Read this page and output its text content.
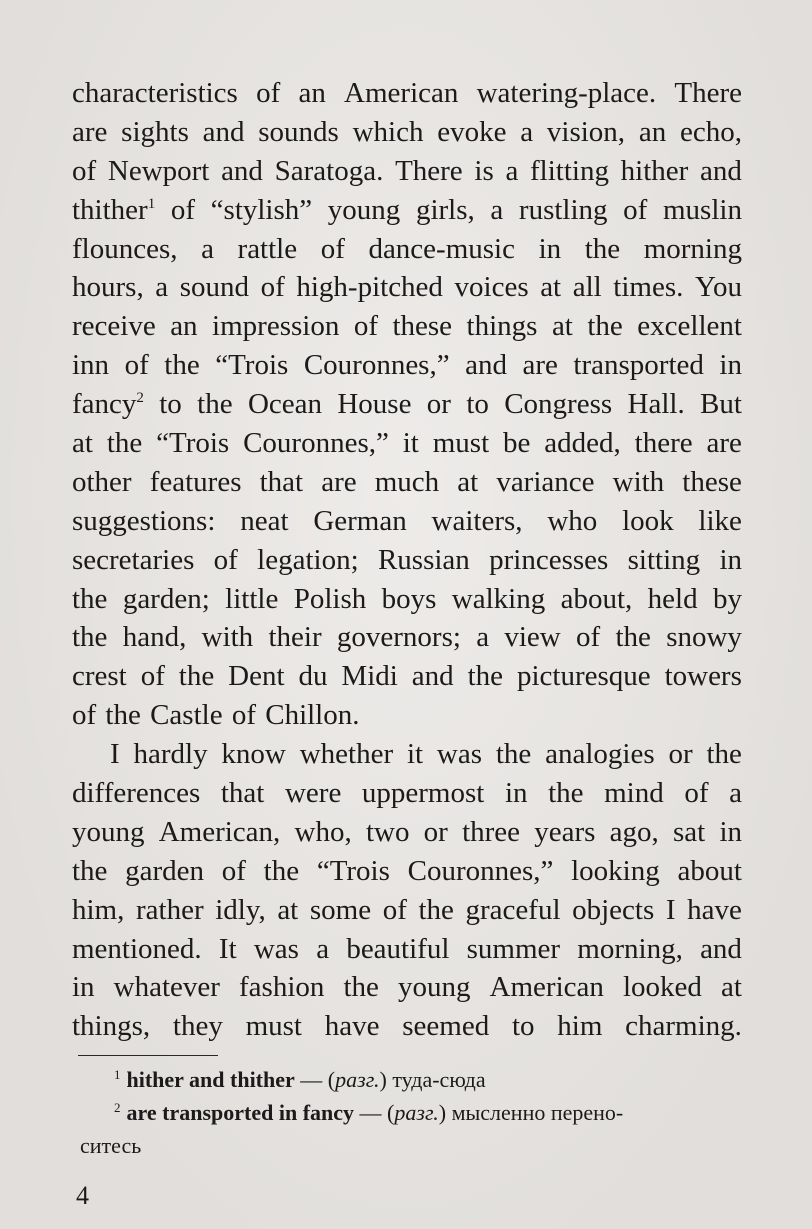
characteristics of an American watering-place. There
are sights and sounds which evoke a vision, an echo,
of Newport and Saratoga. There is a flitting hither and
thither$^1$ of “stylish” young girls, a rustling of muslin
flounces, a rattle of dance-music in the morning
hours, a sound of high-pitched voices at all times. You
receive an impression of these things at the excellent
inn of the “Trois Couronnes,” and are transported in
fancy$^2$ to the Ocean House or to Congress Hall. But
at the “Trois Couronnes,” it must be added, there are
other features that are much at variance with these
suggestions: neat German waiters, who look like
secretaries of legation; Russian princesses sitting in
the garden; little Polish boys walking about, held by
the hand, with their governors; a view of the snowy
crest of the Dent du Midi and the picturesque towers
of the Castle of Chillon.
I hardly know whether it was the analogies or the
differences that were uppermost in the mind of a
young American, who, two or three years ago, sat in
the garden of the “Trois Couronnes,” looking about
him, rather idly, at some of the graceful objects I have
mentioned. It was a beautiful summer morning, and
in whatever fashion the young American looked at
things, they must have seemed to him charming.
$^1$ hither and thither — (разг.) туда-сюда
$^2$ are transported in fancy — (разг.) мысленно перено-
ситесь
4
